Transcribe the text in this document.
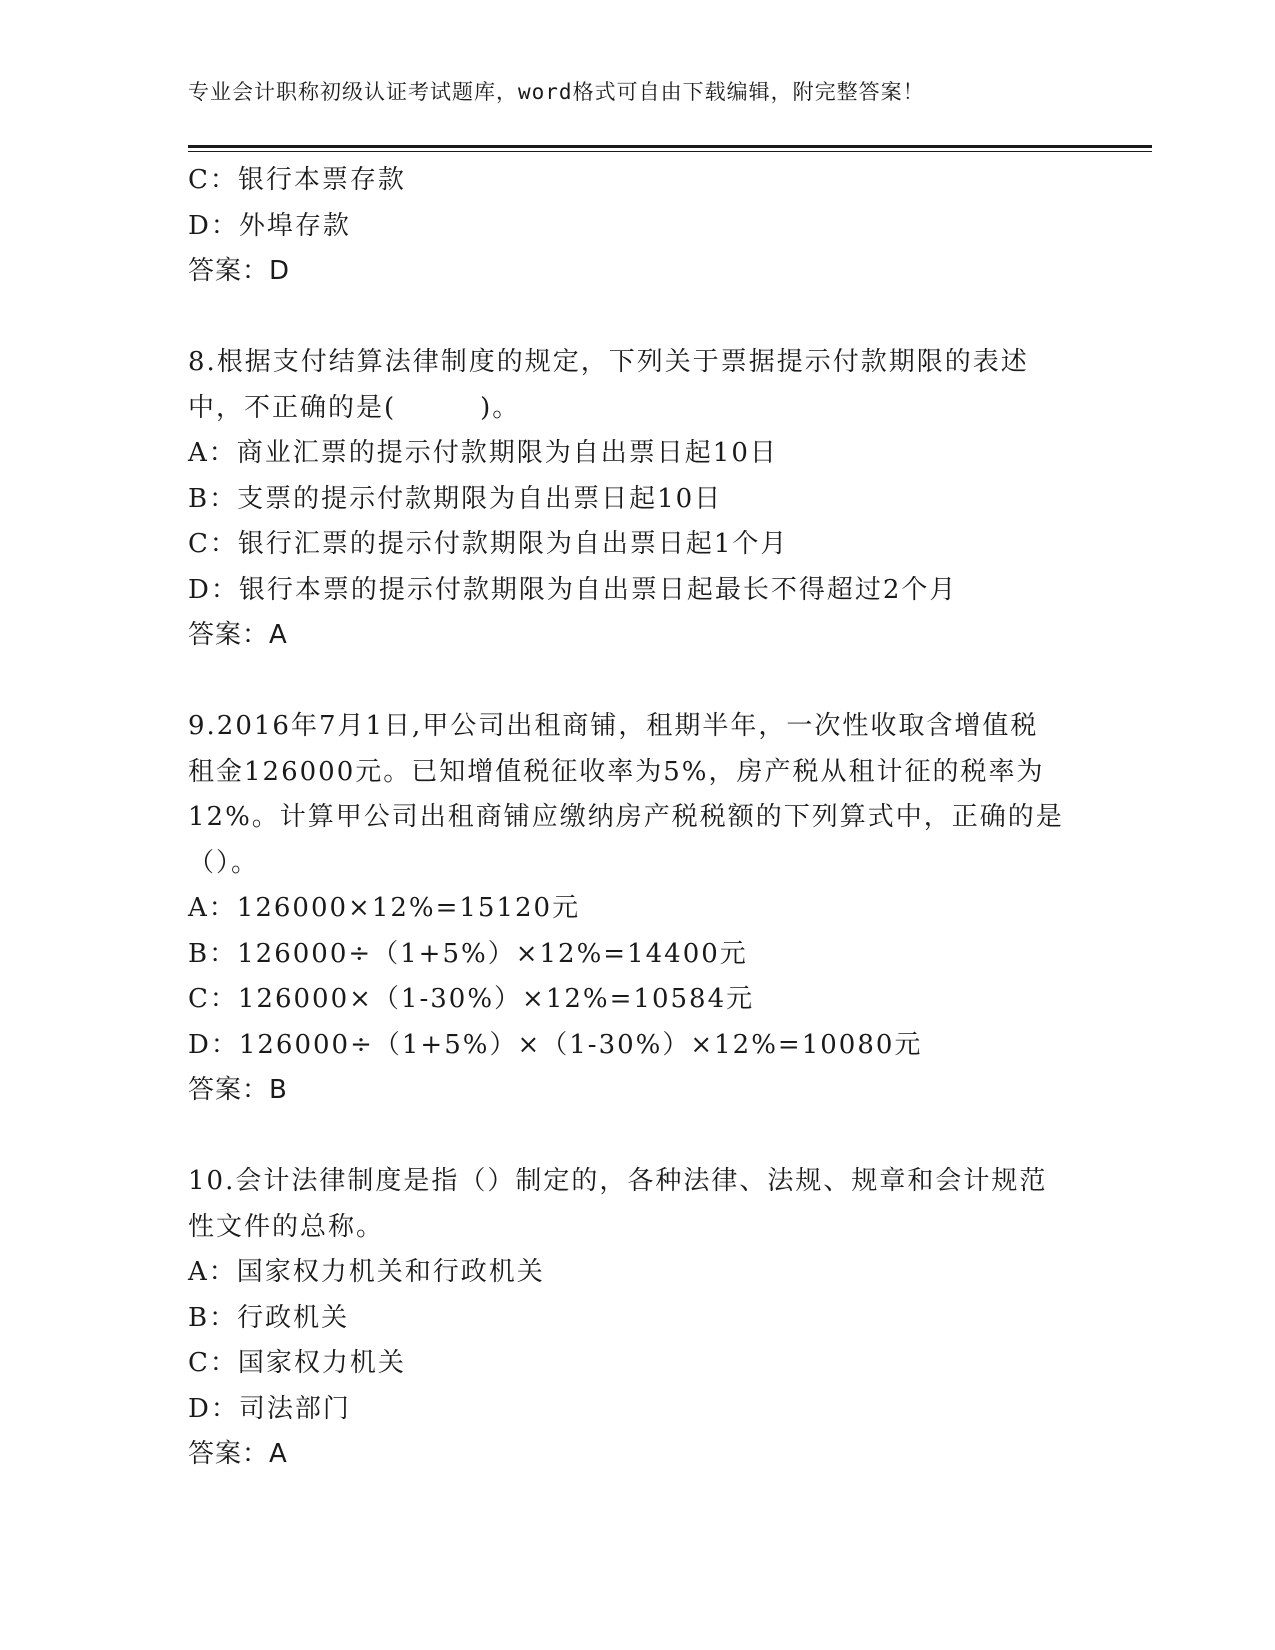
专业会计职称初级认证考试题库，word格式可自由下载编辑，附完整答案！
C：银行本票存款
D：外埠存款
答案：D
8.根据支付结算法律制度的规定，下列关于票据提示付款期限的表述
中，不正确的是(　　　)。
A：商业汇票的提示付款期限为自出票日起10日
B：支票的提示付款期限为自出票日起10日
C：银行汇票的提示付款期限为自出票日起1个月
D：银行本票的提示付款期限为自出票日起最长不得超过2个月
答案：A
9.2016年7月1日,甲公司出租商铺，租期半年，一次性收取含增值税
租金126000元。已知增值税征收率为5%，房产税从租计征的税率为
12%。计算甲公司出租商铺应缴纳房产税税额的下列算式中，正确的是
（）。
A：126000×12%=15120元
B：126000÷（1+5%）×12%=14400元
C：126000×（1-30%）×12%=10584元
D：126000÷（1+5%）×（1-30%）×12%=10080元
答案：B
10.会计法律制度是指（）制定的，各种法律、法规、规章和会计规范
性文件的总称。
A：国家权力机关和行政机关
B：行政机关
C：国家权力机关
D：司法部门
答案：A
